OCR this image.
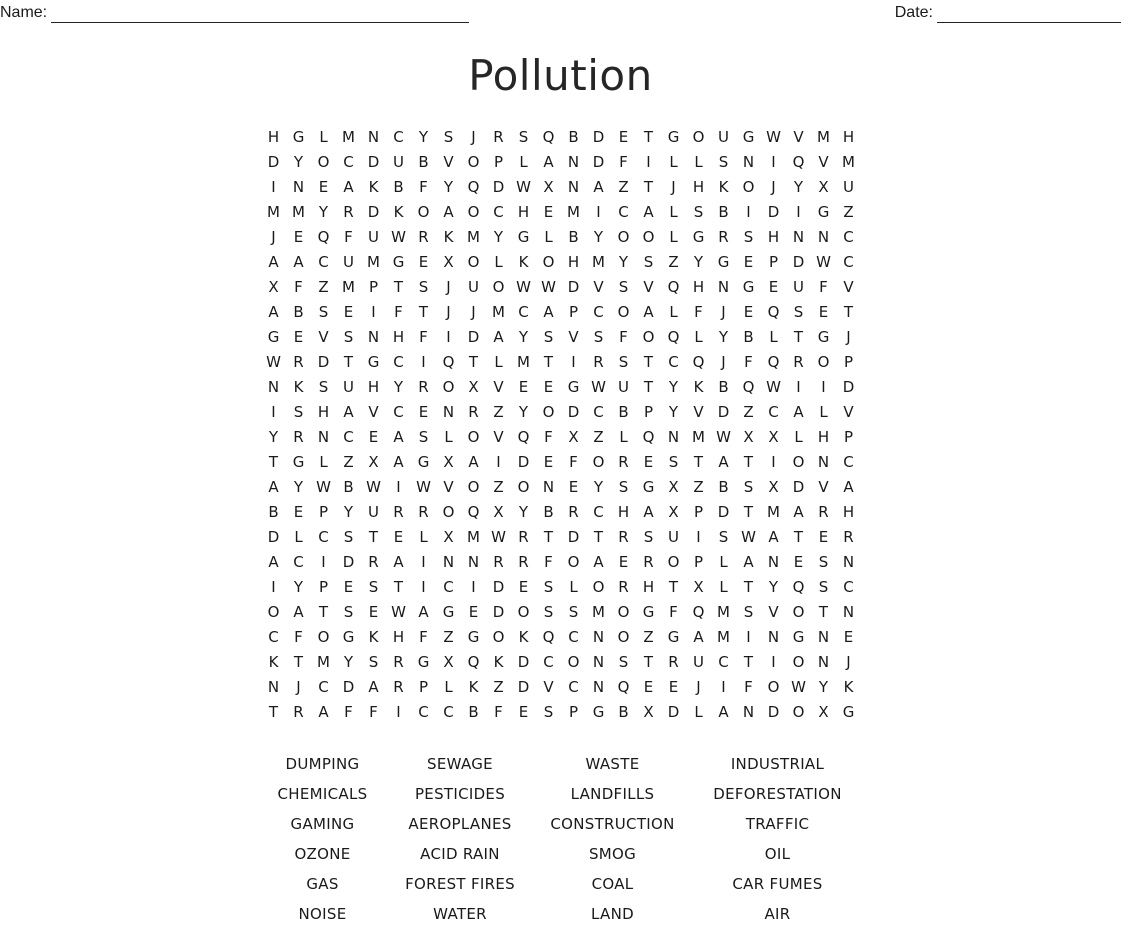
Name:	Date:
Pollution
H G	L M N C	Y	S	J	R	S Q B D E	T G O U G W V M H
D Y O C D U B V O P	L	A N D F	I	L	L	S N	I	Q V M
I	N E	A K B	F	Y Q D W X N A Z	T	J	H K O	J	Y	X U
M M Y	R D K O A O C H E M	I	C A	L	S	B	I	D	I	G Z
J	E Q F	U W R K M Y G	L	B	Y O O L	G R	S H N N C
A A C U M G E	X O L	K O H M Y	S	Z	Y G E	P D W C
X	F	Z M P	T	S	J	U O W W D V	S	V Q H N G E U	F	V
A B	S	E	I	F	T	J	J	M C A	P	C O A	L	F	J	E Q S	E	T
G E	V	S N H	F	I	D A	Y	S	V	S	F O Q L	Y	B	L	T G	J
W R D T G C	I	Q T	L M T	I	R	S	T	C Q	J	F Q R O P
N K	S U H Y	R O X V	E	E G W U T	Y	K B Q W	I	I	D
I	S H A V C	E N R Z	Y O D C B	P	Y	V D Z C A	L	V
Y	R N C	E	A	S	L O V Q F	X Z	L Q N M W X X	L	H P
T G	L	Z X A G X A	I	D E	F O R	E	S	T	A	T	I	O N C
A	Y W B W	I	W V O Z O N E	Y	S G X Z B	S	X D V A
B	E	P	Y U R R O Q X	Y	B R C H A X	P D T M A R H
D	L	C	S	T	E	L	X M W R	T D T	R	S U	I	S W A	T	E	R
A C	I	D R A	I	N N R R	F O A	E	R O P	L	A N E	S N
I	Y	P	E	S	T	I	C	I	D E	S	L O R H T	X	L	T	Y Q S C
O A	T	S	E W A G E D O S	S M O G F Q M S	V O T N
C	F O G K H	F	Z G O K Q C N O Z G A M	I	N G N E
K	T M Y	S	R G X Q K D C O N S	T	R U C	T	I	O N	J
N	J	C D A R	P	L	K Z D V C N Q E	E	J	I	F O W Y	K
T	R A	F	F	I	C C B	F	E	S	P G B X D	L	A N D O X G
DUMPING	SEWAGE	WASTE	INDUSTRIAL
CHEMICALS	PESTICIDES	LANDFILLS	DEFORESTATION
GAMING	AEROPLANES	CONSTRUCTION	TRAFFIC
OZONE	ACID RAIN	SMOG	OIL
GAS	FOREST FIRES	COAL	CAR FUMES
NOISE	WATER	LAND	AIR
